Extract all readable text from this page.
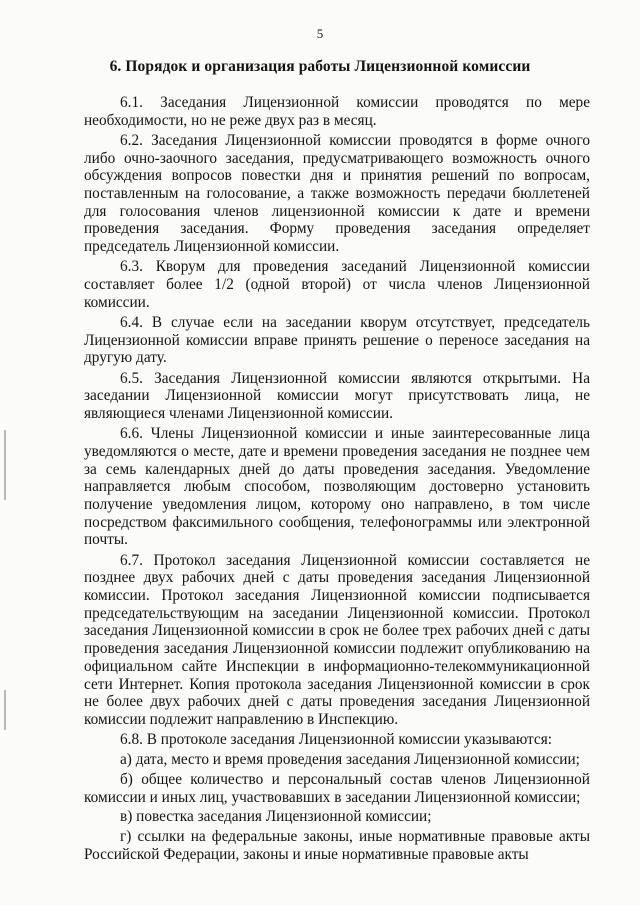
5
6. Порядок и организация работы Лицензионной комиссии

6.1. Заседания Лицензионной комиссии проводятся по мере необходимости, но не реже двух раз в месяц.

6.2. Заседания Лицензионной комиссии проводятся в форме очного либо очно-заочного заседания, предусматривающего возможность очного обсуждения вопросов повестки дня и принятия решений по вопросам, поставленным на голосование, а также возможность передачи бюллетеней для голосования членов лицензионной комиссии к дате и времени проведения заседания. Форму проведения заседания определяет председатель Лицензионной комиссии.

6.3. Кворум для проведения заседаний Лицензионной комиссии составляет более 1/2 (одной второй) от числа членов Лицензионной комиссии.

6.4. В случае если на заседании кворум отсутствует, председатель Лицензионной комиссии вправе принять решение о переносе заседания на другую дату.

6.5. Заседания Лицензионной комиссии являются открытыми. На заседании Лицензионной комиссии могут присутствовать лица, не являющиеся членами Лицензионной комиссии.

6.6. Члены Лицензионной комиссии и иные заинтересованные лица уведомляются о месте, дате и времени проведения заседания не позднее чем за семь календарных дней до даты проведения заседания. Уведомление направляется любым способом, позволяющим достоверно установить получение уведомления лицом, которому оно направлено, в том числе посредством факсимильного сообщения, телефонограммы или электронной почты.

6.7. Протокол заседания Лицензионной комиссии составляется не позднее двух рабочих дней с даты проведения заседания Лицензионной комиссии. Протокол заседания Лицензионной комиссии подписывается председательствующим на заседании Лицензионной комиссии. Протокол заседания Лицензионной комиссии в срок не более трех рабочих дней с даты проведения заседания Лицензионной комиссии подлежит опубликованию на официальном сайте Инспекции в информационно-телекоммуникационной сети Интернет. Копия протокола заседания Лицензионной комиссии в срок не более двух рабочих дней с даты проведения заседания Лицензионной комиссии подлежит направлению в Инспекцию.

6.8. В протоколе заседания Лицензионной комиссии указываются:

а) дата, место и время проведения заседания Лицензионной комиссии;

б) общее количество и персональный состав членов Лицензионной комиссии и иных лиц, участвовавших в заседании Лицензионной комиссии;

в) повестка заседания Лицензионной комиссии;

г) ссылки на федеральные законы, иные нормативные правовые акты Российской Федерации, законы и иные нормативные правовые акты
